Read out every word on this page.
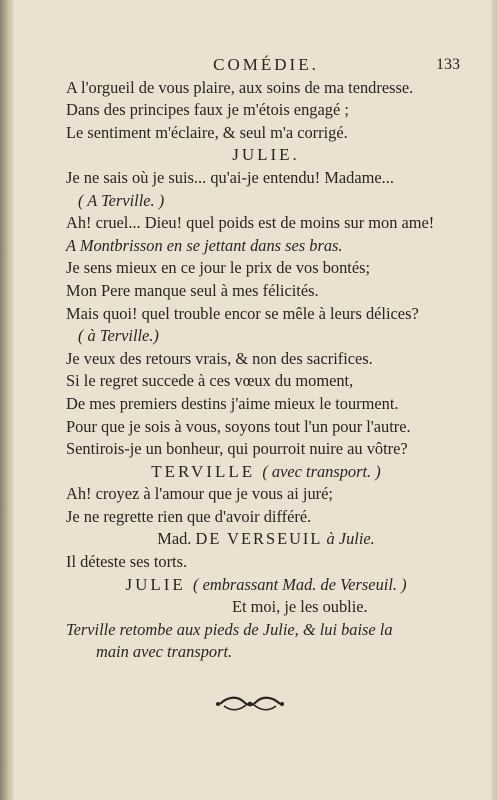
COMÉDIE.	133
A l'orgueil de vous plaire, aux soins de ma tendresse.
Dans des principes faux je m'étois engagé ;
Le sentiment m'éclaire, & seul m'a corrigé.
JULIE.
Je ne sais où je suis... qu'ai-je entendu! Madame...
( A Terville. )
Ah! cruel... Dieu! quel poids est de moins sur mon ame!
A Montbrisson en se jettant dans ses bras.
Je sens mieux en ce jour le prix de vos bontés;
Mon Pere manque seul à mes félicités.
Mais quoi! quel trouble encor se mêle à leurs délices?
( à Terville.)
Je veux des retours vrais, & non des sacrifices.
Si le regret succede à ces vœux du moment,
De mes premiers destins j'aime mieux le tourment.
Pour que je sois à vous, soyons tout l'un pour l'autre.
Sentirois-je un bonheur, qui pourroit nuire au vôtre?
TERVILLE ( avec transport. )
Ah! croyez à l'amour que je vous ai juré;
Je ne regrette rien que d'avoir différé.
Mad. DE VERSEUIL à Julie.
Il déteste ses torts.
JULIE ( embrassant Mad. de Verseuil. )
Et moi, je les oublie.
Terville retombe aux pieds de Julie, & lui baise la
main avec transport.
